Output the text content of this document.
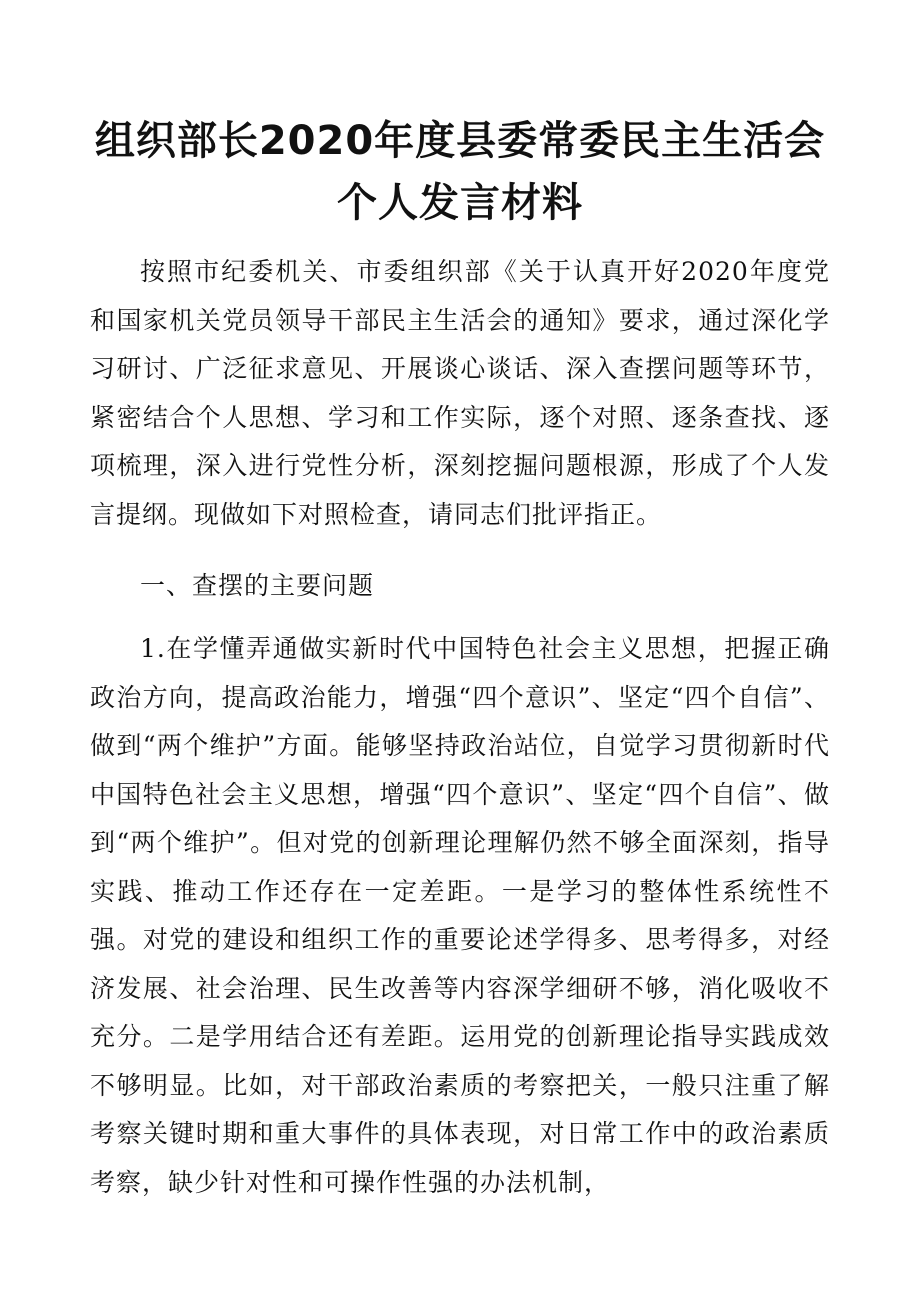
组织部长2020年度县委常委民主生活会个人发言材料

按照市纪委机关、市委组织部《关于认真开好2020年度党和国家机关党员领导干部民主生活会的通知》要求，通过深化学习研讨、广泛征求意见、开展谈心谈话、深入查摆问题等环节，紧密结合个人思想、学习和工作实际，逐个对照、逐条查找、逐项梳理，深入进行党性分析，深刻挖掘问题根源，形成了个人发言提纲。现做如下对照检查，请同志们批评指正。

一、查摆的主要问题

1.在学懂弄通做实新时代中国特色社会主义思想，把握正确政治方向，提高政治能力，增强“四个意识”、坚定“四个自信”、做到“两个维护”方面。能够坚持政治站位，自觉学习贯彻新时代中国特色社会主义思想，增强“四个意识”、坚定“四个自信”、做到“两个维护”。但对党的创新理论理解仍然不够全面深刻，指导实践、推动工作还存在一定差距。一是学习的整体性系统性不强。对党的建设和组织工作的重要论述学得多、思考得多，对经济发展、社会治理、民生改善等内容深学细研不够，消化吸收不充分。二是学用结合还有差距。运用党的创新理论指导实践成效不够明显。比如，对干部政治素质的考察把关，一般只注重了解考察关键时期和重大事件的具体表现，对日常工作中的政治素质考察，缺少针对性和可操作性强的办法机制，
